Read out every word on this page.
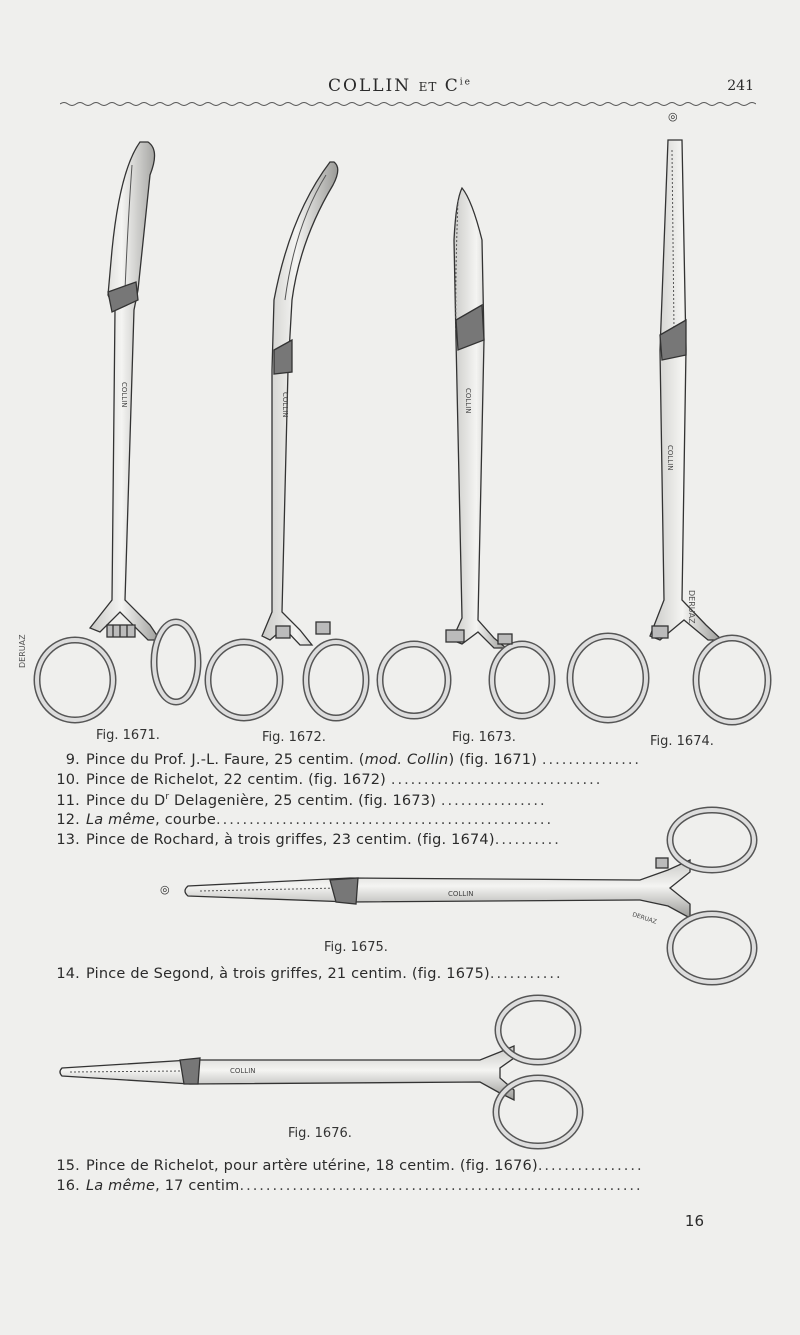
COLLIN ET $C^{ie}$	241
◎
◎
COLLIN	COLLIN	COLLIN
COLLIN
COLLIN
DERUAZ
COLLIN
DERUAZ
DERUAZ
Fig. 1671.	Fig. 1672.	Fig. 1673.	Fig. 1674.
Fig. 1675.
Fig. 1676.
9. Pince du Prof. J.-L. Faure, 25 centim. (mod. Collin) (fig. 1671) ...............
10. Pince de Richelot, 22 centim. (fig. 1672) ................................
11. Pince du $D^r$ Delagenière, 25 centim. (fig. 1673) ................
12. La même, courbe...................................................
13. Pince de Rochard, à trois griffes, 23 centim. (fig. 1674)..........
14. Pince de Segond, à trois griffes, 21 centim. (fig. 1675)...........
15. Pince de Richelot, pour artère utérine, 18 centim. (fig. 1676)................
16. La même, 17 centim.............................................................
16
